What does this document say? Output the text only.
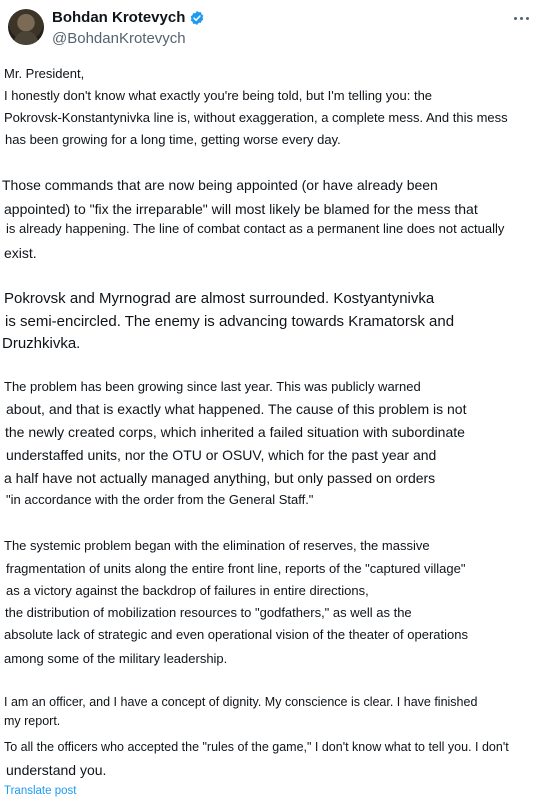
Bohdan Krotevych
@BohdanKrotevych
Mr. President,
I honestly don't know what exactly you're being told, but I'm telling you: the
Pokrovsk-Konstantynivka line is, without exaggeration, a complete mess. And this mess
has been growing for a long time, getting worse every day.
Those commands that are now being appointed (or have already been
appointed) to "fix the irreparable" will most likely be blamed for the mess that
is already happening. The line of combat contact as a permanent line does not actually
exist.
Pokrovsk and Myrnograd are almost surrounded. Kostyantynivka
is semi-encircled. The enemy is advancing towards Kramatorsk and
Druzhkivka.
The problem has been growing since last year. This was publicly warned
about, and that is exactly what happened. The cause of this problem is not
the newly created corps, which inherited a failed situation with subordinate
understaffed units, nor the OTU or OSUV, which for the past year and
a half have not actually managed anything, but only passed on orders
"in accordance with the order from the General Staff."
The systemic problem began with the elimination of reserves, the massive
fragmentation of units along the entire front line, reports of the "captured village"
as a victory against the backdrop of failures in entire directions,
the distribution of mobilization resources to "godfathers," as well as the
absolute lack of strategic and even operational vision of the theater of operations
among some of the military leadership.
I am an officer, and I have a concept of dignity. My conscience is clear. I have finished
my report.
To all the officers who accepted the "rules of the game," I don't know what to tell you. I don't
understand you.
Translate post
